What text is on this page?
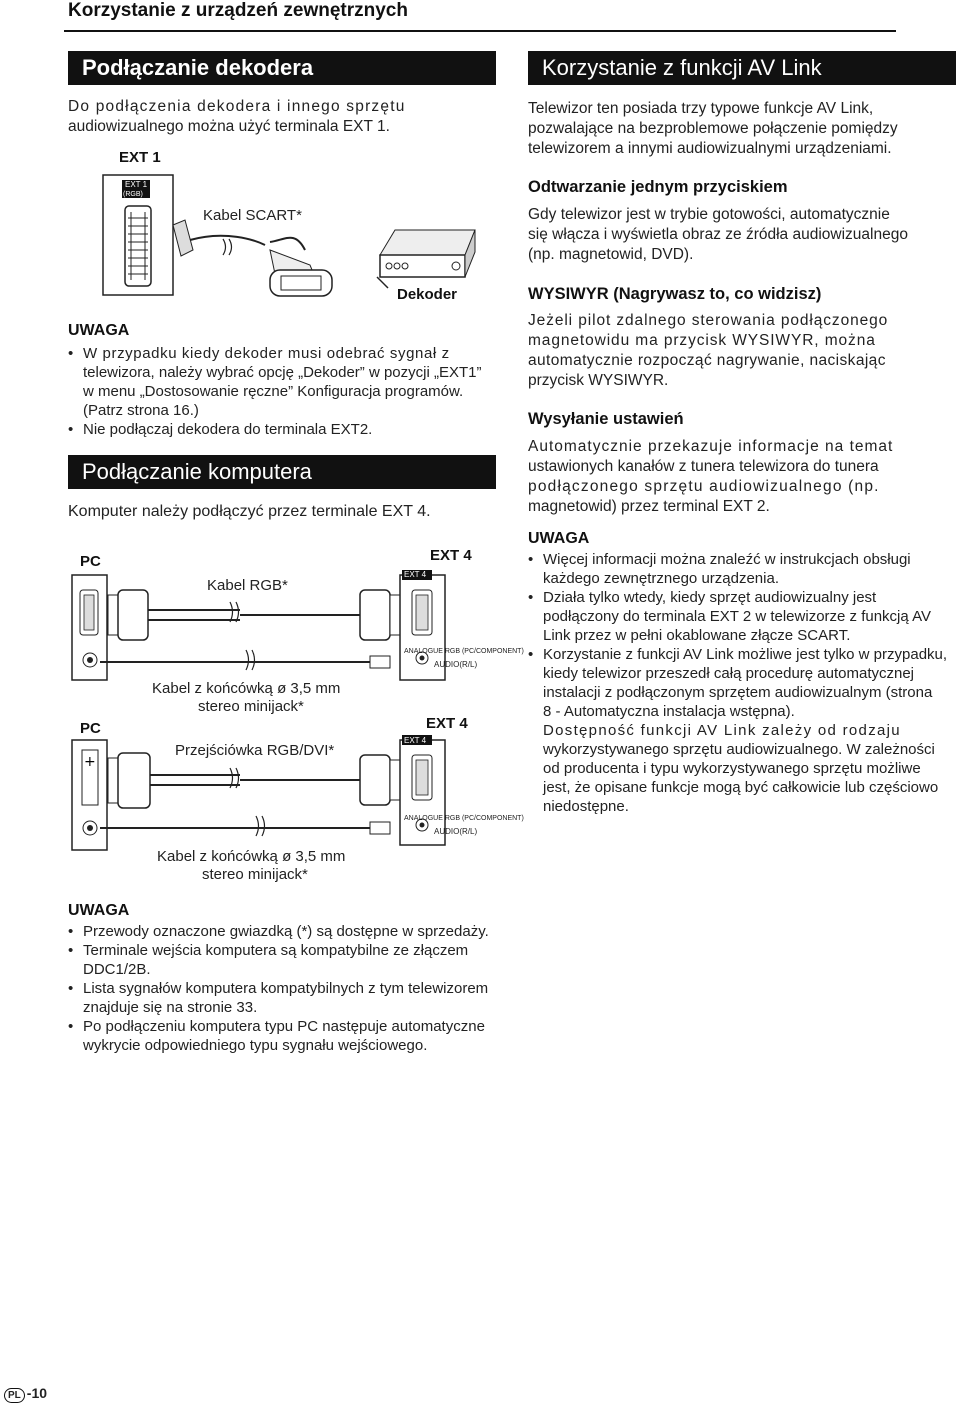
Korzystanie z urządzeń zewnętrznych
Podłączanie dekodera
Do podłączenia dekodera i innego sprzętu
audiowizualnego można użyć terminala EXT 1.
EXT 1
EXT 1
(RGB)
Kabel SCART*
Dekoder
UWAGA
• W przypadku kiedy dekoder musi odebrać sygnał z
telewizora, należy wybrać opcję „Dekoder” w pozycji „EXT1”
w menu „Dostosowanie ręczne” Konfiguracja programów.
(Patrz strona 16.)
• Nie podłączaj dekodera do terminala EXT2.
Podłączanie komputera
Komputer należy podłączyć przez terminale EXT 4.
PC	EXT 4
Kabel RGB*
+
EXT 4
ANALOGUE RGB (PC/COMPONENT)
AUDIO(R/L)
Kabel z końcówką ø 3,5 mm
stereo minijack*
PC	EXT 4
Przejściówka RGB/DVI*
EXT 4
ANALOGUE RGB (PC/COMPONENT)
AUDIO(R/L)
Kabel z końcówką ø 3,5 mm
stereo minijack*
UWAGA
• Przewody oznaczone gwiazdką (*) są dostępne w sprzedaży.
• Terminale wejścia komputera są kompatybilne ze złączem
DDC1/2B.
• Lista sygnałów komputera kompatybilnych z tym telewizorem
znajduje się na stronie 33.
• Po podłączeniu komputera typu PC następuje automatyczne
wykrycie odpowiedniego typu sygnału wejściowego.
Korzystanie z funkcji AV Link
Telewizor ten posiada trzy typowe funkcje AV Link,
pozwalające na bezproblemowe połączenie pomiędzy
telewizorem a innymi audiowizualnymi urządzeniami.
Odtwarzanie jednym przyciskiem
Gdy telewizor jest w trybie gotowości, automatycznie
się włącza i wyświetla obraz ze źródła audiowizualnego
(np. magnetowid, DVD).
WYSIWYR (Nagrywasz to, co widzisz)
Jeżeli pilot zdalnego sterowania podłączonego
magnetowidu ma przycisk WYSIWYR, można
automatycznie rozpocząć nagrywanie, naciskając
przycisk WYSIWYR.
Wysyłanie ustawień
Automatycznie przekazuje informacje na temat
ustawionych kanałów z tunera telewizora do tunera
podłączonego sprzętu audiowizualnego (np.
magnetowid) przez terminal EXT 2.
UWAGA
• Więcej informacji można znaleźć w instrukcjach obsługi
każdego zewnętrznego urządzenia.
• Działa tylko wtedy, kiedy sprzęt audiowizualny jest
podłączony do terminala EXT 2 w telewizorze z funkcją AV
Link przez w pełni okablowane złącze SCART.
• Korzystanie z funkcji AV Link możliwe jest tylko w przypadku,
kiedy telewizor przeszedł całą procedurę automatycznej
instalacji z podłączonym sprzętem audiowizualnym (strona
8 - Automatyczna instalacja wstępna).
Dostępność funkcji AV Link zależy od rodzaju
wykorzystywanego sprzętu audiowizualnego. W zależności
od producenta i typu wykorzystywanego sprzętu możliwe
jest, że opisane funkcje mogą być całkowicie lub częściowo
niedostępne.
PL -10
